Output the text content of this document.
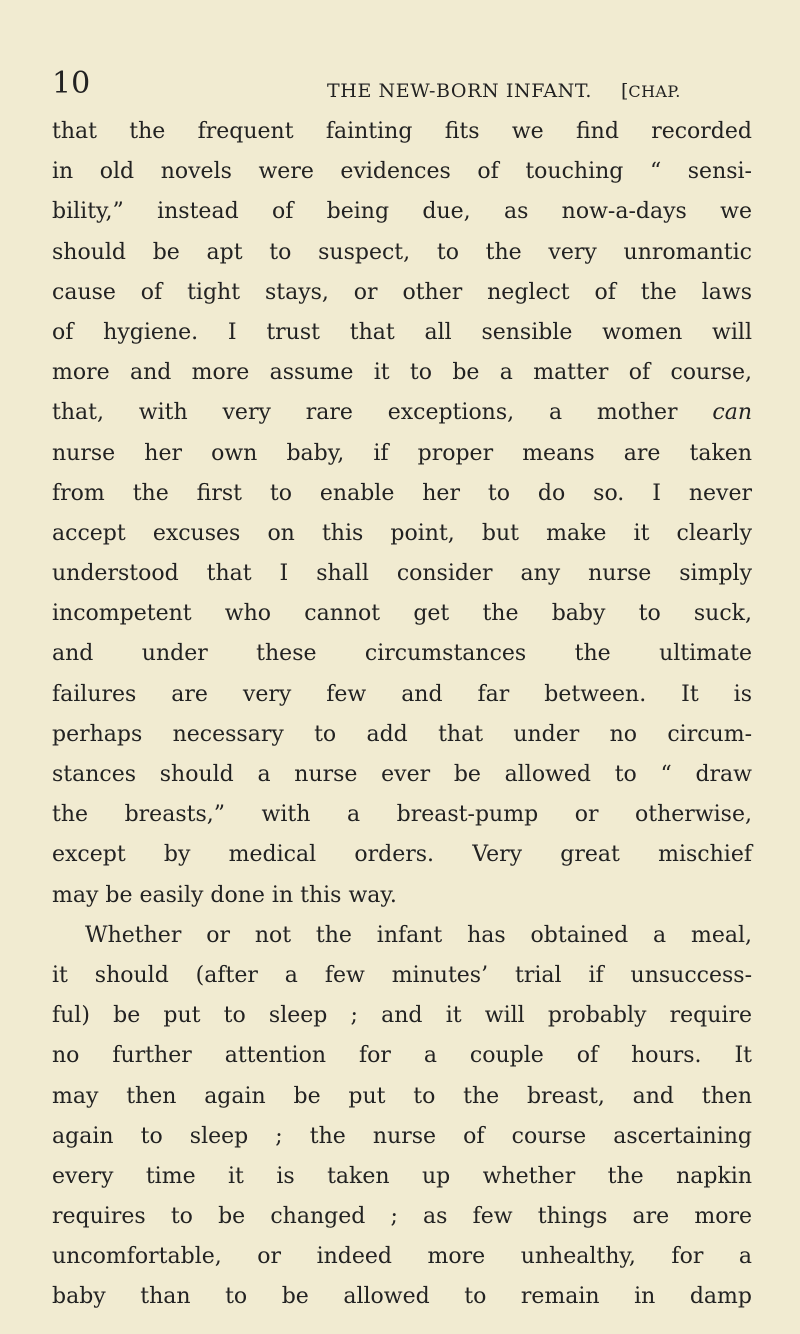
10	THE NEW-BORN INFANT. [CHAP.
that the frequent fainting fits we find recorded
in old novels were evidences of touching “ sensi-
bility,” instead of being due, as now-a-days we
should be apt to suspect, to the very unromantic
cause of tight stays, or other neglect of the laws
of hygiene. I trust that all sensible women will
more and more assume it to be a matter of course,
that, with very rare exceptions, a mother can
nurse her own baby, if proper means are taken
from the first to enable her to do so. I never
accept excuses on this point, but make it clearly
understood that I shall consider any nurse simply
incompetent who cannot get the baby to suck,
and under these circumstances the ultimate
failures are very few and far between. It is
perhaps necessary to add that under no circum-
stances should a nurse ever be allowed to “ draw
the breasts,” with a breast-pump or otherwise,
except by medical orders. Very great mischief
may be easily done in this way.
Whether or not the infant has obtained a meal,
it should (after a few minutes’ trial if unsuccess-
ful) be put to sleep ; and it will probably require
no further attention for a couple of hours. It
may then again be put to the breast, and then
again to sleep ; the nurse of course ascertaining
every time it is taken up whether the napkin
requires to be changed ; as few things are more
uncomfortable, or indeed more unhealthy, for a
baby than to be allowed to remain in damp
